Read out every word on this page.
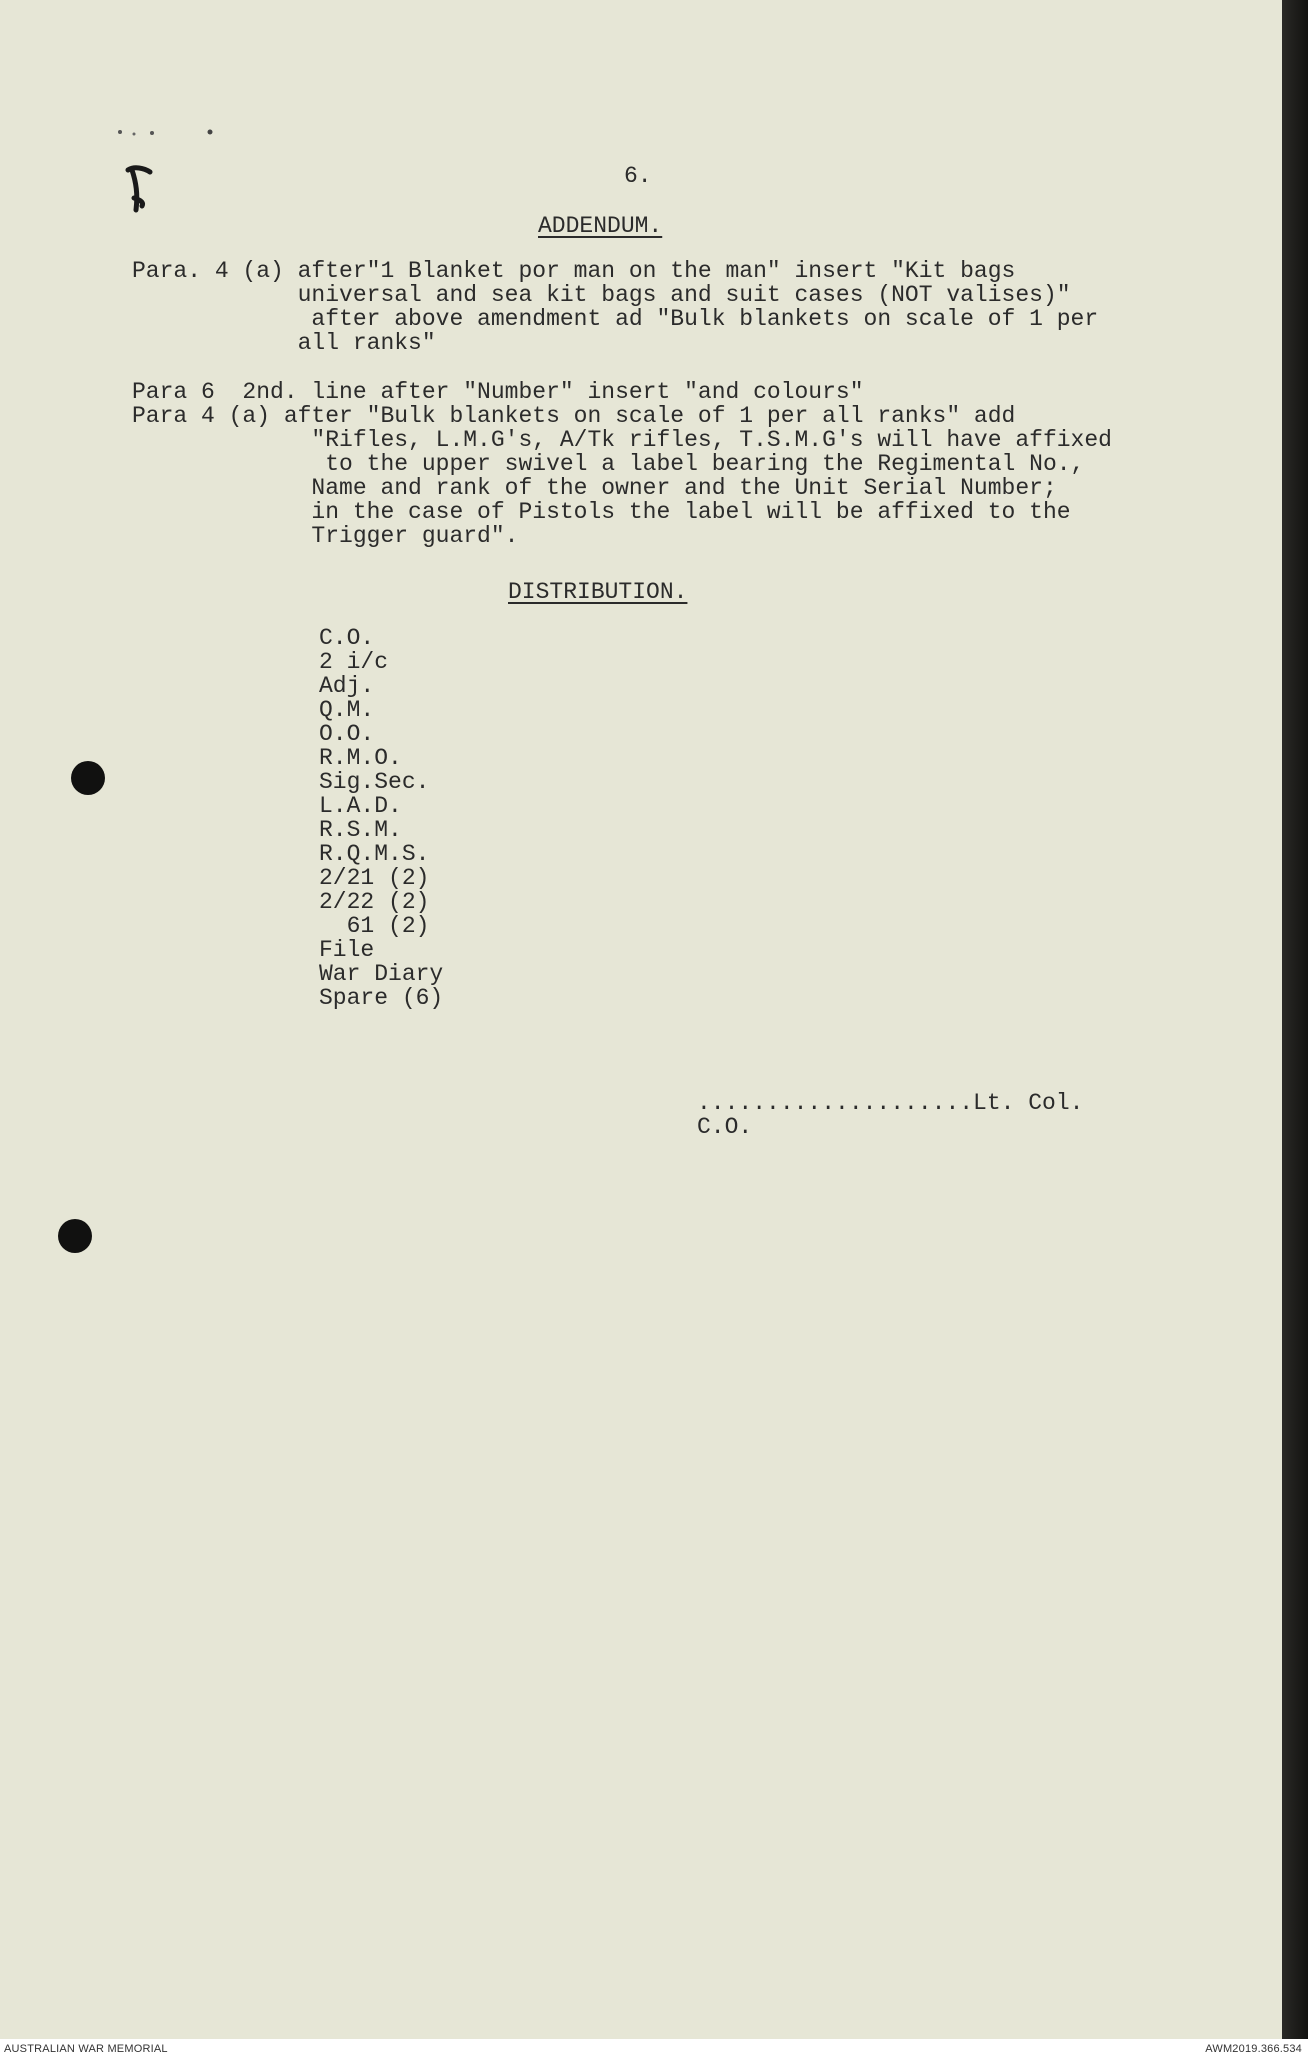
6.
ADDENDUM.
Para. 4 (a) after"1 Blanket por man on the man" insert "Kit bags
universal and sea kit bags and suit cases (NOT valises)"
after above amendment ad "Bulk blankets on scale of 1 per
all ranks"
Para 6  2nd. line after "Number" insert "and colours"
Para 4 (a) after "Bulk blankets on scale of 1 per all ranks" add
"Rifles, L.M.G's, A/Tk rifles, T.S.M.G's will have affixed
to the upper swivel a label bearing the Regimental No.,
Name and rank of the owner and the Unit Serial Number;
in the case of Pistols the label will be affixed to the
Trigger guard".
DISTRIBUTION.
C.O.
2 i/c
Adj.
Q.M.
O.O.
R.M.O.
Sig.Sec.
L.A.D.
R.S.M.
R.Q.M.S.
2/21 (2)
2/22 (2)
61 (2)
File
War Diary
Spare (6)
....................Lt. Col.
C.O.
AUSTRALIAN WAR MEMORIAL	AWM2019.366.534
